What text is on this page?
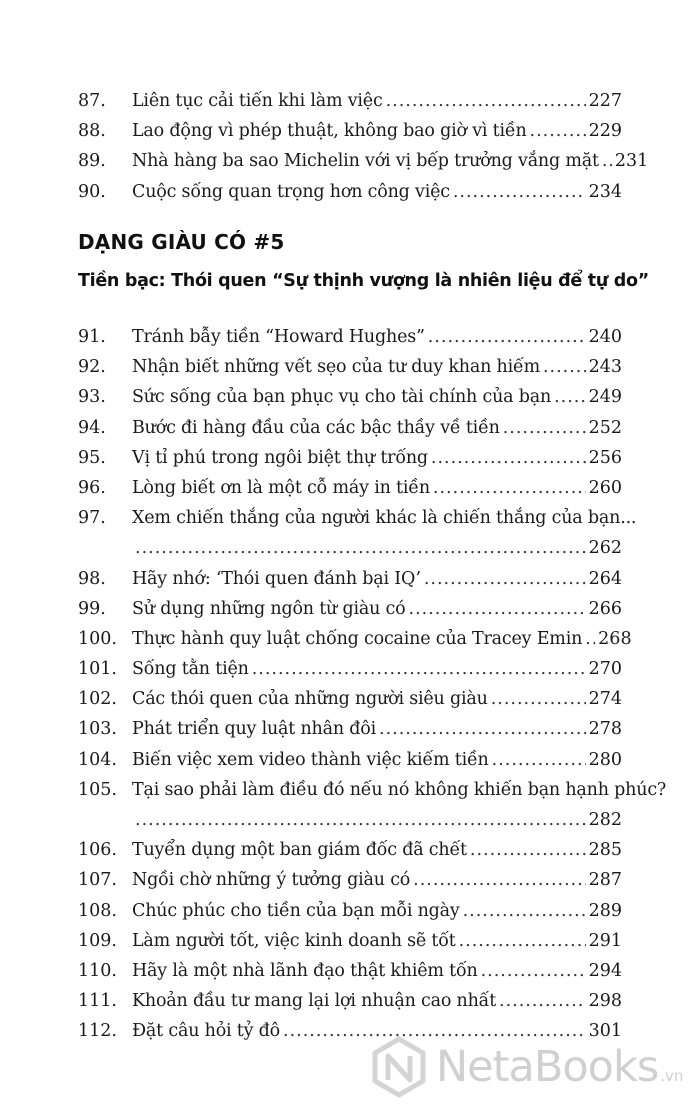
87.	Liên tục cải tiến khi làm việc .....	227
88.	Lao động vì phép thuật, không bao giờ vì tiền .....	229
89.	Nhà hàng ba sao Michelin với vị bếp trưởng vắng mặt ..... 231
90.	Cuộc sống quan trọng hơn công việc .....	234
DẠNG GIÀU CÓ #5
Tiền bạc: Thói quen “Sự thịnh vượng là nhiên liệu để tự do”
91.	Tránh bẫy tiền “Howard Hughes” .....	240
92.	Nhận biết những vết sẹo của tư duy khan hiếm .....	243
93.	Sức sống của bạn phục vụ cho tài chính của bạn ..... 249
94.	Bước đi hàng đầu của các bậc thầy về tiền .....	252
95.	Vị tỉ phú trong ngôi biệt thự trống .....	256
96.	Lòng biết ơn là một cỗ máy in tiền .....	260
97.	Xem chiến thắng của người khác là chiến thắng của bạn...
.....
262
98.	Hãy nhớ: ‘Thói quen đánh bại IQ’ .....	264
99.	Sử dụng những ngôn từ giàu có .....	266
100. Thực hành quy luật chống cocaine của Tracey Emin ..... 268
101. Sống tằn tiện .....	270
102. Các thói quen của những người siêu giàu .....	274
103. Phát triển quy luật nhân đôi .....	278
104. Biến việc xem video thành việc kiếm tiền .....	280
105. Tại sao phải làm điều đó nếu nó không khiến bạn hạnh phúc?
.....
282
106. Tuyển dụng một ban giám đốc đã chết .....	285
107. Ngồi chờ những ý tưởng giàu có .....	287
108. Chúc phúc cho tiền của bạn mỗi ngày .....	289
109. Làm người tốt, việc kinh doanh sẽ tốt .....	291
110. Hãy là một nhà lãnh đạo thật khiêm tốn .....	294
111. Khoản đầu tư mang lại lợi nhuận cao nhất .....	298
112. Đặt câu hỏi tỷ đô .....	301
NetaBooks .vn
